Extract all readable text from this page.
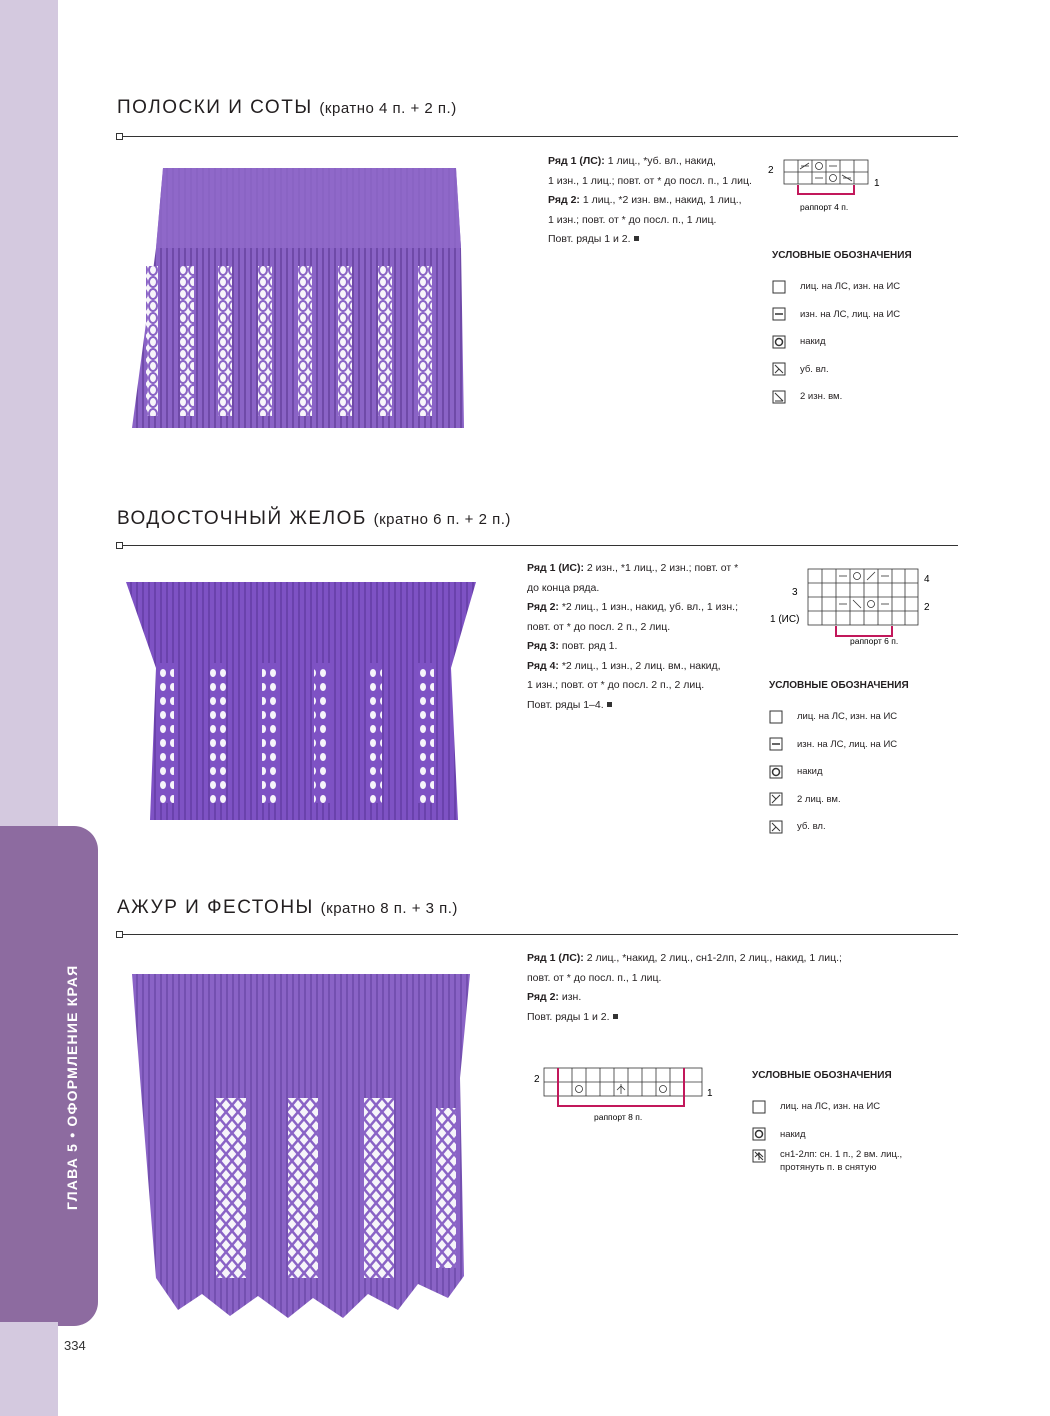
ГЛАВА 5 • ОФОРМЛЕНИЕ КРАЯ
334
ПОЛОСКИ И СОТЫ (кратно 4 п. + 2 п.)

Ряд 1 (ЛС): 1 лиц., *уб. вл., накид,

1 изн., 1 лиц.; повт. от * до посл. п., 1 лиц.

Ряд 2: 1 лиц., *2 изн. вм., накид, 1 лиц.,

1 изн.; повт. от * до посл. п., 1 лиц.

Повт. ряды 1 и 2.

2
1
раппорт 4 п.
УСЛОВНЫЕ ОБОЗНАЧЕНИЯ
лиц. на ЛС, изн. на ИС
изн. на ЛС, лиц. на ИС
накид
уб. вл.
2 изн. вм.
ВОДОСТОЧНЫЙ ЖЕЛОБ (кратно 6 п. + 2 п.)

Ряд 1 (ИС): 2 изн., *1 лиц., 2 изн.; повт. от *

до конца ряда.

Ряд 2: *2 лиц., 1 изн., накид, уб. вл., 1 изн.;

повт. от * до посл. 2 п., 2 лиц.

Ряд 3: повт. ряд 1.

Ряд 4: *2 лиц., 1 изн., 2 лиц. вм., накид,

1 изн.; повт. от * до посл. 2 п., 2 лиц.

Повт. ряды 1–4.

4
3
2
1 (ИС)
раппорт 6 п.
УСЛОВНЫЕ ОБОЗНАЧЕНИЯ
лиц. на ЛС, изн. на ИС
изн. на ЛС, лиц. на ИС
накид
2 лиц. вм.
уб. вл.
АЖУР И ФЕСТОНЫ (кратно 8 п. + 3 п.)

Ряд 1 (ЛС): 2 лиц., *накид, 2 лиц., сн1-2лп, 2 лиц., накид, 1 лиц.;

повт. от * до посл. п., 1 лиц.

Ряд 2: изн.

Повт. ряды 1 и 2.

2
1
раппорт 8 п.
УСЛОВНЫЕ ОБОЗНАЧЕНИЯ
лиц. на ЛС, изн. на ИС
накид
сн1-2лп: сн. 1 п., 2 вм. лиц.,
протянуть п. в снятую
